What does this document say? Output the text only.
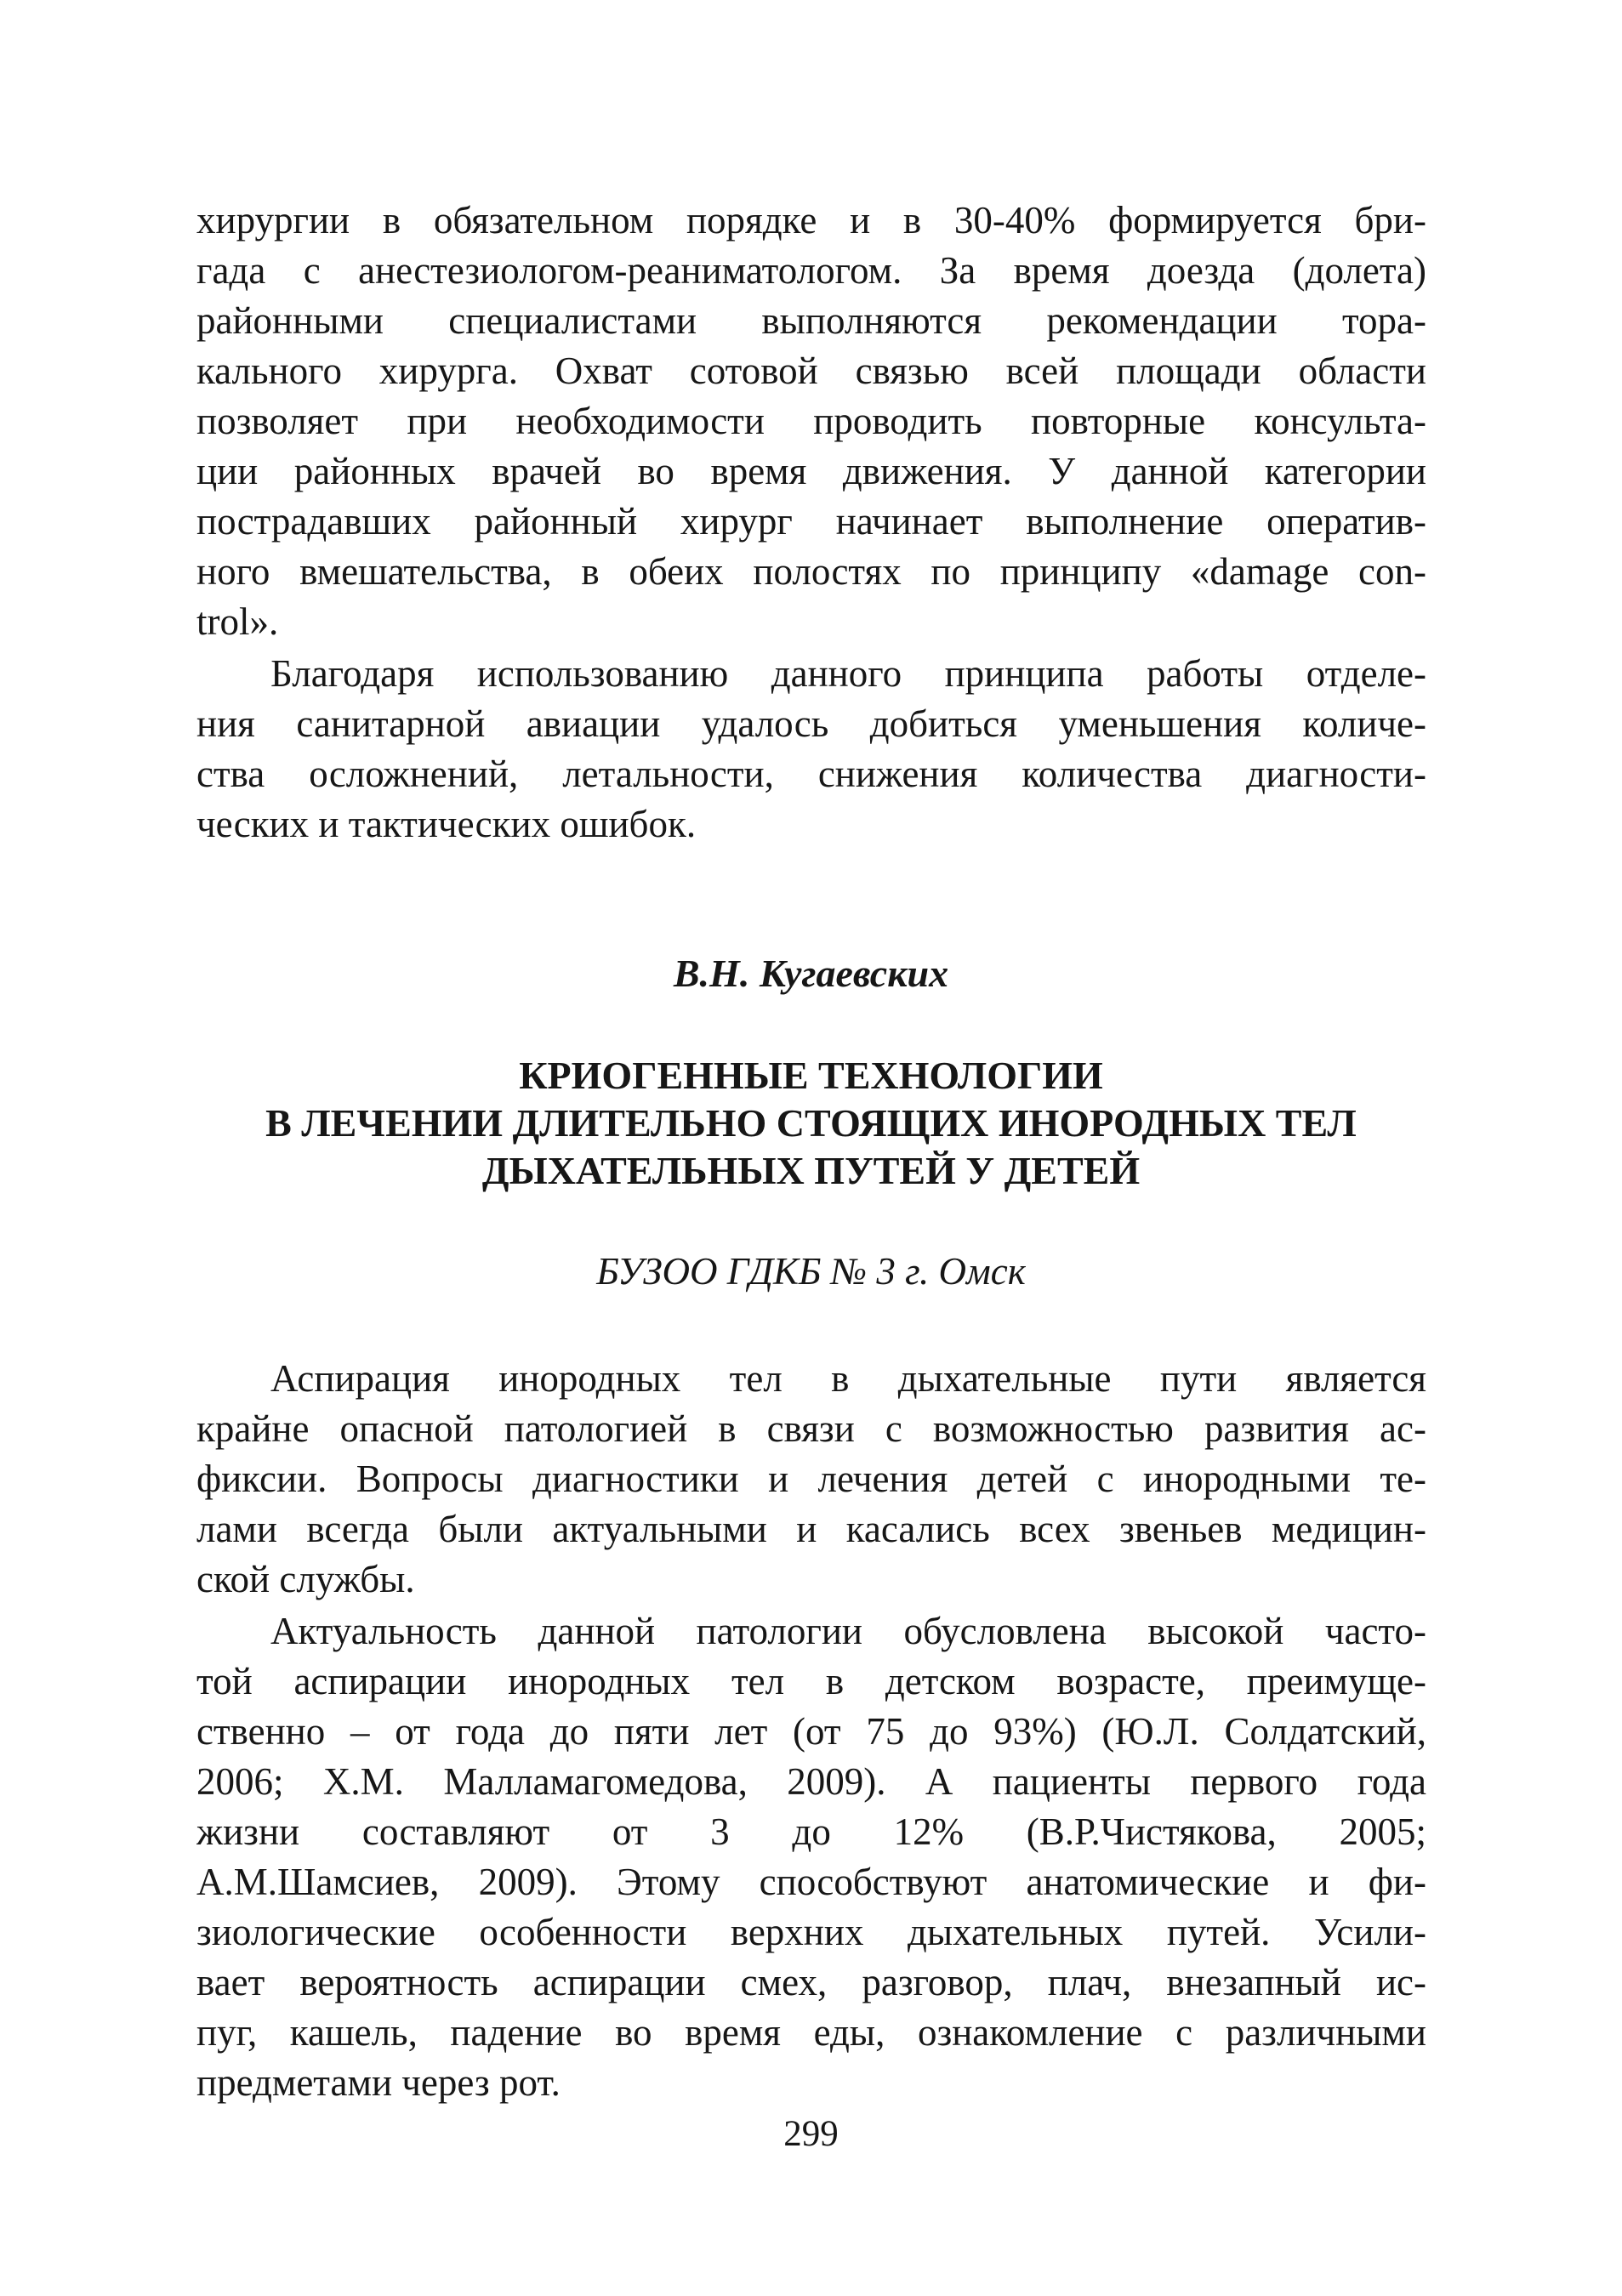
хирургии в обязательном порядке и в 30-40% формируется бри-
гада с анестезиологом-реаниматологом. За время доезда (долета)
районными специалистами выполняются рекомендации тора-
кального хирурга. Охват сотовой связью всей площади области
позволяет при необходимости проводить повторные консульта-
ции районных врачей во время движения. У данной категории
пострадавших районный хирург начинает выполнение оператив-
ного вмешательства, в обеих полостях по принципу «damage con-
trol».
Благодаря использованию данного принципа работы отделе-
ния санитарной авиации удалось добиться уменьшения количе-
ства осложнений, летальности, снижения количества диагности-
ческих и тактических ошибок.
В.Н. Кугаевских
КРИОГЕННЫЕ ТЕХНОЛОГИИ
В ЛЕЧЕНИИ ДЛИТЕЛЬНО СТОЯЩИХ ИНОРОДНЫХ ТЕЛ
ДЫХАТЕЛЬНЫХ ПУТЕЙ У ДЕТЕЙ
БУЗОО ГДКБ № 3 г. Омск
Аспирация инородных тел в дыхательные пути является
крайне опасной патологией в связи с возможностью развития ас-
фиксии. Вопросы диагностики и лечения детей с инородными те-
лами всегда были актуальными и касались всех звеньев медицин-
ской службы.
Актуальность данной патологии обусловлена высокой часто-
той аспирации инородных тел в детском возрасте, преимуще-
ственно – от года до пяти лет (от 75 до 93%) (Ю.Л. Солдатский,
2006; Х.М. Малламагомедова, 2009). А пациенты первого года
жизни составляют от 3 до 12% (В.Р.Чистякова, 2005;
А.М.Шамсиев, 2009). Этому способствуют анатомические и фи-
зиологические особенности верхних дыхательных путей. Усили-
вает вероятность аспирации смех, разговор, плач, внезапный ис-
пуг, кашель, падение во время еды, ознакомление с различными
предметами через рот.
299
